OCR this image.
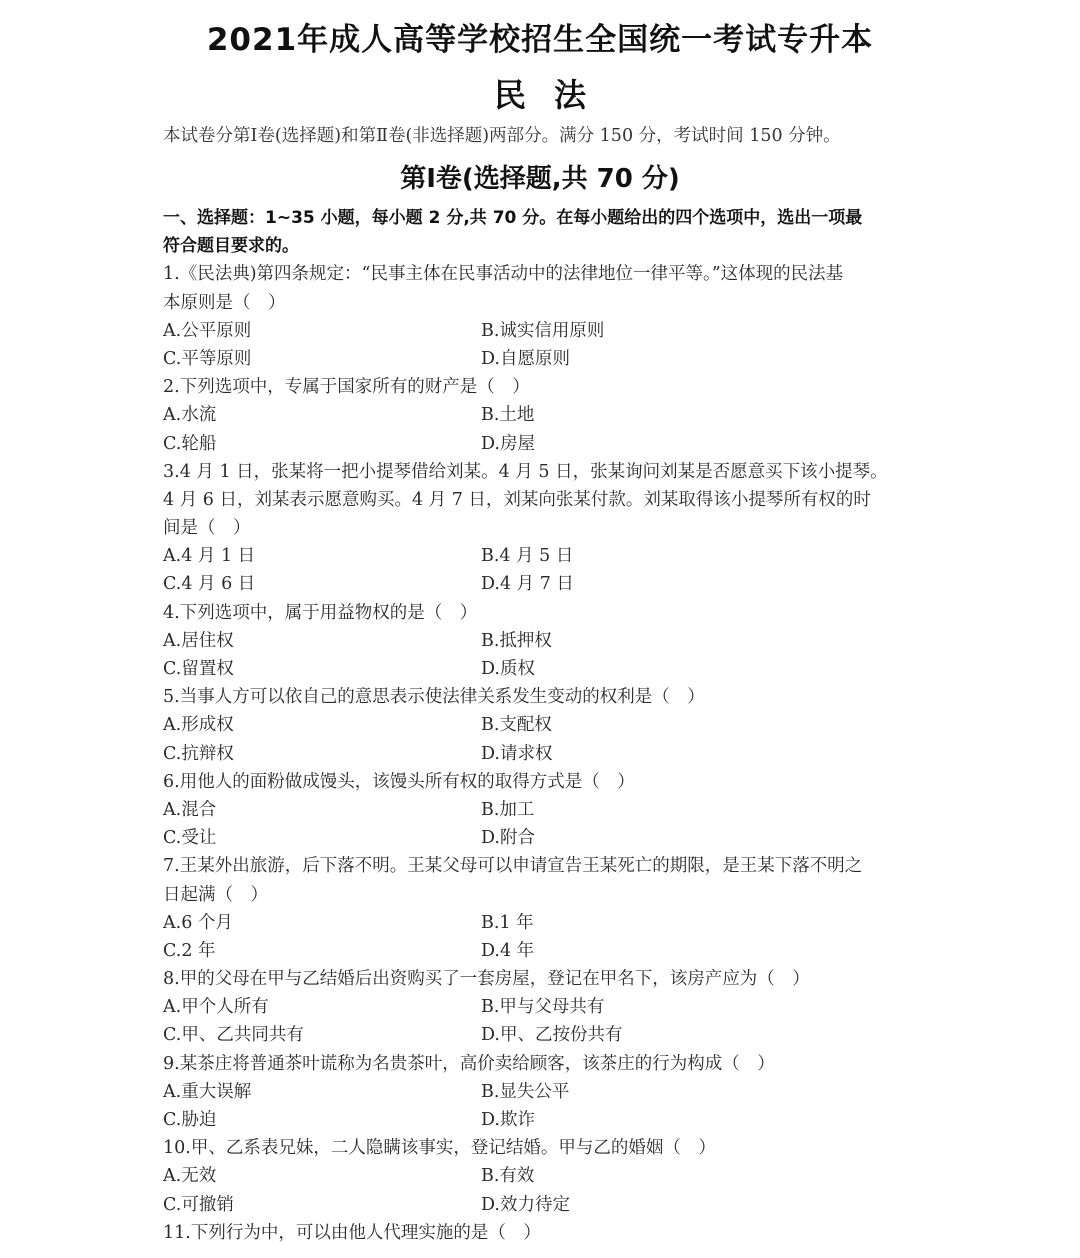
2021年成人高等学校招生全国统一考试专升本
民法
本试卷分第Ⅰ卷(选择题)和第Ⅱ卷(非选择题)两部分。满分 150 分，考试时间 150 分钟。
第Ⅰ卷(选择题,共 70 分)
一、选择题：1~35 小题，每小题 2 分,共 70 分。在每小题给出的四个选项中，选出一项最
符合题目要求的。
1.《民法典)第四条规定：“民事主体在民事活动中的法律地位一律平等。”这体现的民法基
本原则是（　）
A.公平原则	B.诚实信用原则
C.平等原则	D.自愿原则
2.下列选项中，专属于国家所有的财产是（　）
A.水流	B.土地
C.轮船	D.房屋
3.4 月 1 日，张某将一把小提琴借给刘某。4 月 5 日，张某询问刘某是否愿意买下该小提琴。
4 月 6 日，刘某表示愿意购买。4 月 7 日，刘某向张某付款。刘某取得该小提琴所有权的时
间是（　）
A.4 月 1 日	B.4 月 5 日
C.4 月 6 日	D.4 月 7 日
4.下列选项中，属于用益物权的是（　）
A.居住权	B.抵押权
C.留置权	D.质权
5.当事人方可以依自己的意思表示使法律关系发生变动的权利是（　）
A.形成权	B.支配权
C.抗辩权	D.请求权
6.用他人的面粉做成馒头，该馒头所有权的取得方式是（　）
A.混合	B.加工
C.受让	D.附合
7.王某外出旅游，后下落不明。王某父母可以申请宣告王某死亡的期限，是王某下落不明之
日起满（　）
A.6 个月	B.1 年
C.2 年	D.4 年
8.甲的父母在甲与乙结婚后出资购买了一套房屋，登记在甲名下，该房产应为（　）
A.甲个人所有	B.甲与父母共有
C.甲、乙共同共有	D.甲、乙按份共有
9.某茶庄将普通茶叶谎称为名贵茶叶，高价卖给顾客，该茶庄的行为构成（　）
A.重大误解	B.显失公平
C.胁迫	D.欺诈
10.甲、乙系表兄妹，二人隐瞒该事实，登记结婚。甲与乙的婚姻（　）
A.无效	B.有效
C.可撤销	D.效力待定
11.下列行为中，可以由他人代理实施的是（　）
